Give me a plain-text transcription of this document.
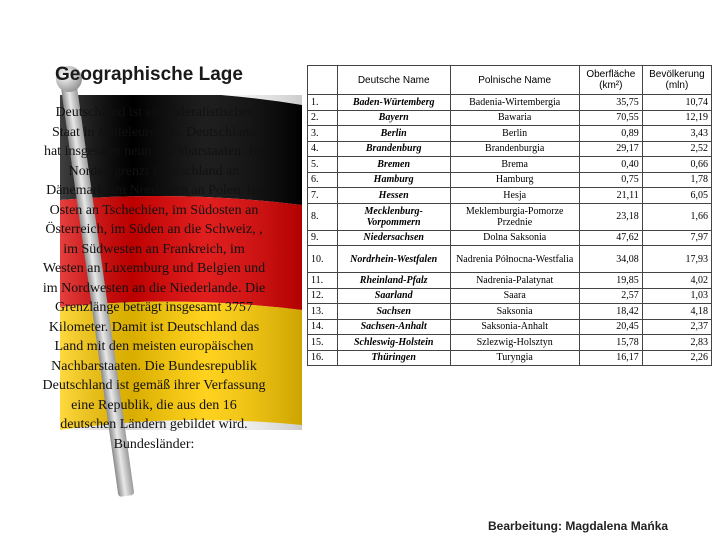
Geographische Lage
Deutschland ist ein föderalistischer Staat in Mitteleuropas.. Deutschland hat insgesamt neun Nachbarstaaten: Im Norden grenzt Deutschland an Dänemark, im Nordosten an Polen, im Osten an Tschechien, im Südosten an Österreich, im Süden an die Schweiz, , im Südwesten an Frankreich, im Westen an Luxemburg und Belgien und im Nordwesten an die Niederlande. Die Grenzlänge beträgt insgesamt 3757 Kilometer. Damit ist Deutschland das Land mit den meisten europäischen Nachbarstaaten. Die Bundesrepublik Deutschland ist gemäß ihrer Verfassung eine Republik, die aus den 16 deutschen Ländern gebildet wird. Bundesländer:
	Deutsche Name	Polnische Name	Oberfläche (km²)	Bevölkerung (mln)
1.	Baden-Würtemberg	Badenia-Wirtembergia	35,75	10,74
2.	Bayern	Bawaria	70,55	12,19
3.	Berlin	Berlin	0,89	3,43
4.	Brandenburg	Brandenburgia	29,17	2,52
5.	Bremen	Brema	0,40	0,66
6.	Hamburg	Hamburg	0,75	1,78
7.	Hessen	Hesja	21,11	6,05
8.	Mecklenburg-Vorpommern	Meklemburgia-Pomorze Przednie	23,18	1,66
9.	Niedersachsen	Dolna Saksonia	47,62	7,97
10.	Nordrhein-Westfalen	Nadrenia Północna-Westfalia	34,08	17,93
11.	Rheinland-Pfalz	Nadrenia-Palatynat	19,85	4,02
12.	Saarland	Saara	2,57	1,03
13.	Sachsen	Saksonia	18,42	4,18
14.	Sachsen-Anhalt	Saksonia-Anhalt	20,45	2,37
15.	Schleswig-Holstein	Szlezwig-Holsztyn	15,78	2,83
16.	Thüringen	Turyngia	16,17	2,26
Bearbeitung: Magdalena Mańka
